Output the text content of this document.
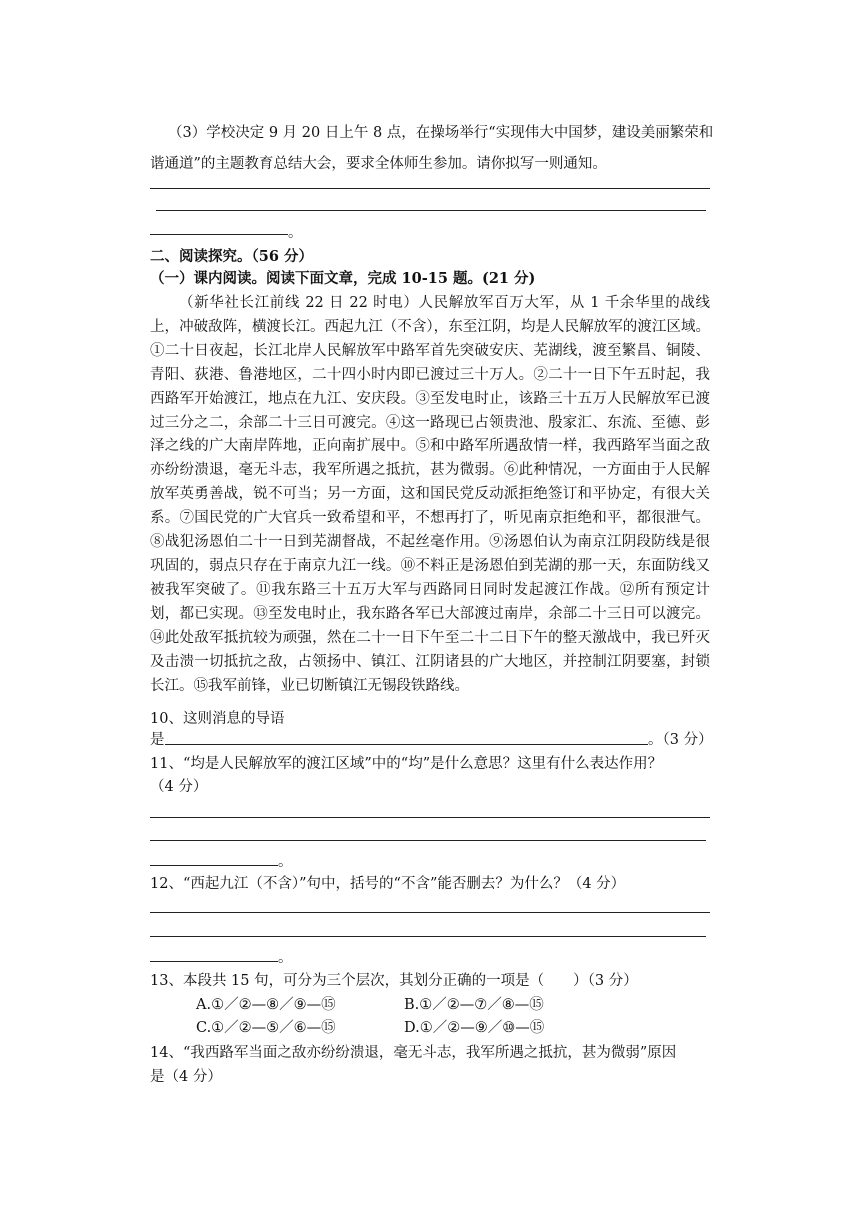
（3）学校决定 9 月 20 日上午 8 点，在操场举行“实现伟大中国梦，建设美丽繁荣和
谐通道”的主题教育总结大会，要求全体师生参加。请你拟写一则通知。
。
二、阅读探究。（56 分）
（一）课内阅读。阅读下面文章，完成 10-15 题。(21 分)
（新华社长江前线 22 日 22 时电）人民解放军百万大军，从 1 千余华里的战线上，冲破敌阵，横渡长江。西起九江（不含），东至江阴，均是人民解放军的渡江区域。①二十日夜起，长江北岸人民解放军中路军首先突破安庆、芜湖线，渡至繁昌、铜陵、青阳、荻港、鲁港地区，二十四小时内即已渡过三十万人。②二十一日下午五时起，我西路军开始渡江，地点在九江、安庆段。③至发电时止，该路三十五万人民解放军已渡过三分之二，余部二十三日可渡完。④这一路现已占领贵池、殷家汇、东流、至德、彭泽之线的广大南岸阵地，正向南扩展中。⑤和中路军所遇敌情一样，我西路军当面之敌亦纷纷溃退，毫无斗志，我军所遇之抵抗，甚为微弱。⑥此种情况，一方面由于人民解放军英勇善战，锐不可当；另一方面，这和国民党反动派拒绝签订和平协定，有很大关系。⑦国民党的广大官兵一致希望和平，不想再打了，听见南京拒绝和平，都很泄气。⑧战犯汤恩伯二十一日到芜湖督战，不起丝毫作用。⑨汤恩伯认为南京江阴段防线是很巩固的，弱点只存在于南京九江一线。⑩不料正是汤恩伯到芜湖的那一天，东面防线又被我军突破了。⑪我东路三十五万大军与西路同日同时发起渡江作战。⑫所有预定计划，都已实现。⑬至发电时止，我东路各军已大部渡过南岸，余部二十三日可以渡完。⑭此处敌军抵抗较为顽强，然在二十一日下午至二十二日下午的整天激战中，我已歼灭及击溃一切抵抗之敌，占领扬中、镇江、江阴诸县的广大地区，并控制江阴要塞，封锁长江。⑮我军前锋，业已切断镇江无锡段铁路线。
10、这则消息的导语
是	。（3 分）
11、“均是人民解放军的渡江区域”中的“均”是什么意思？这里有什么表达作用？
（4 分）
。
12、“西起九江（不含）”句中，括号的“不含”能否删去？为什么？（4 分）
。
13、本段共 15 句，可分为三个层次，其划分正确的一项是（　　）（3 分）
A.①／②—⑧／⑨—⑮	B.①／②—⑦／⑧—⑮
C.①／②—⑤／⑥—⑮	D.①／②—⑨／⑩—⑮
14、“我西路军当面之敌亦纷纷溃退，毫无斗志，我军所遇之抵抗，甚为微弱”原因
是（4 分）
